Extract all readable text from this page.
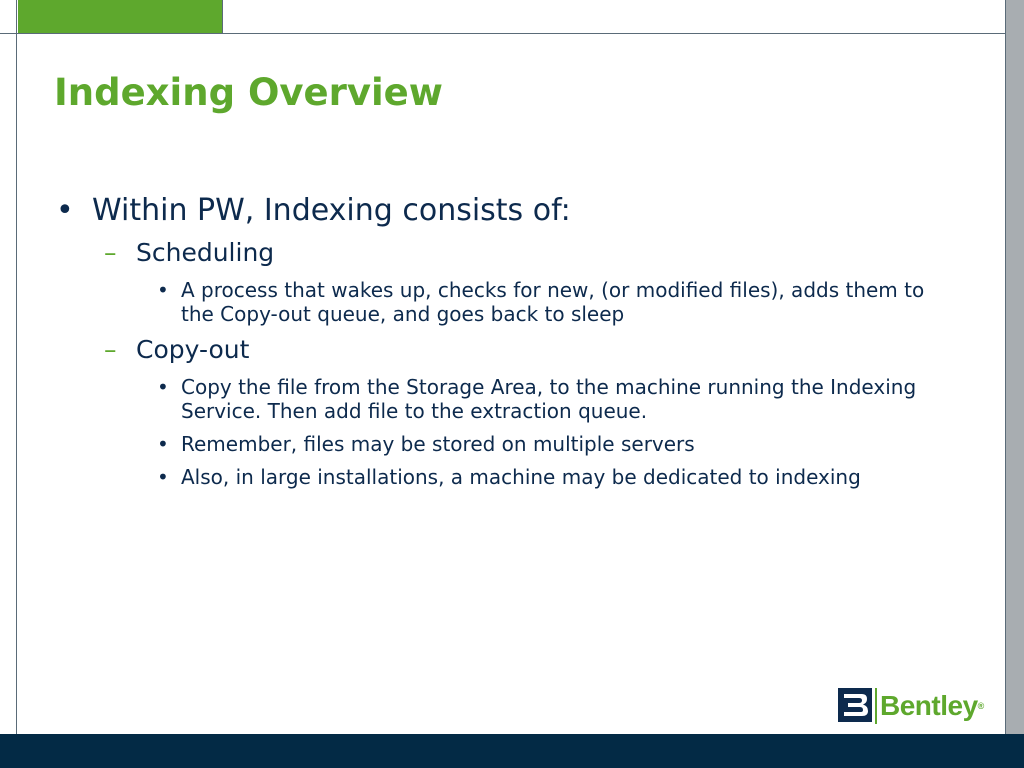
Indexing Overview
• Within PW, Indexing consists of:
– Scheduling
• A process that wakes up, checks for new, (or modified files), adds them to the Copy-out queue, and goes back to sleep
– Copy-out
• Copy the file from the Storage Area, to the machine running the Indexing Service. Then add file to the extraction queue.
• Remember, files may be stored on multiple servers
• Also, in large installations, a machine may be dedicated to indexing
Bentley®
